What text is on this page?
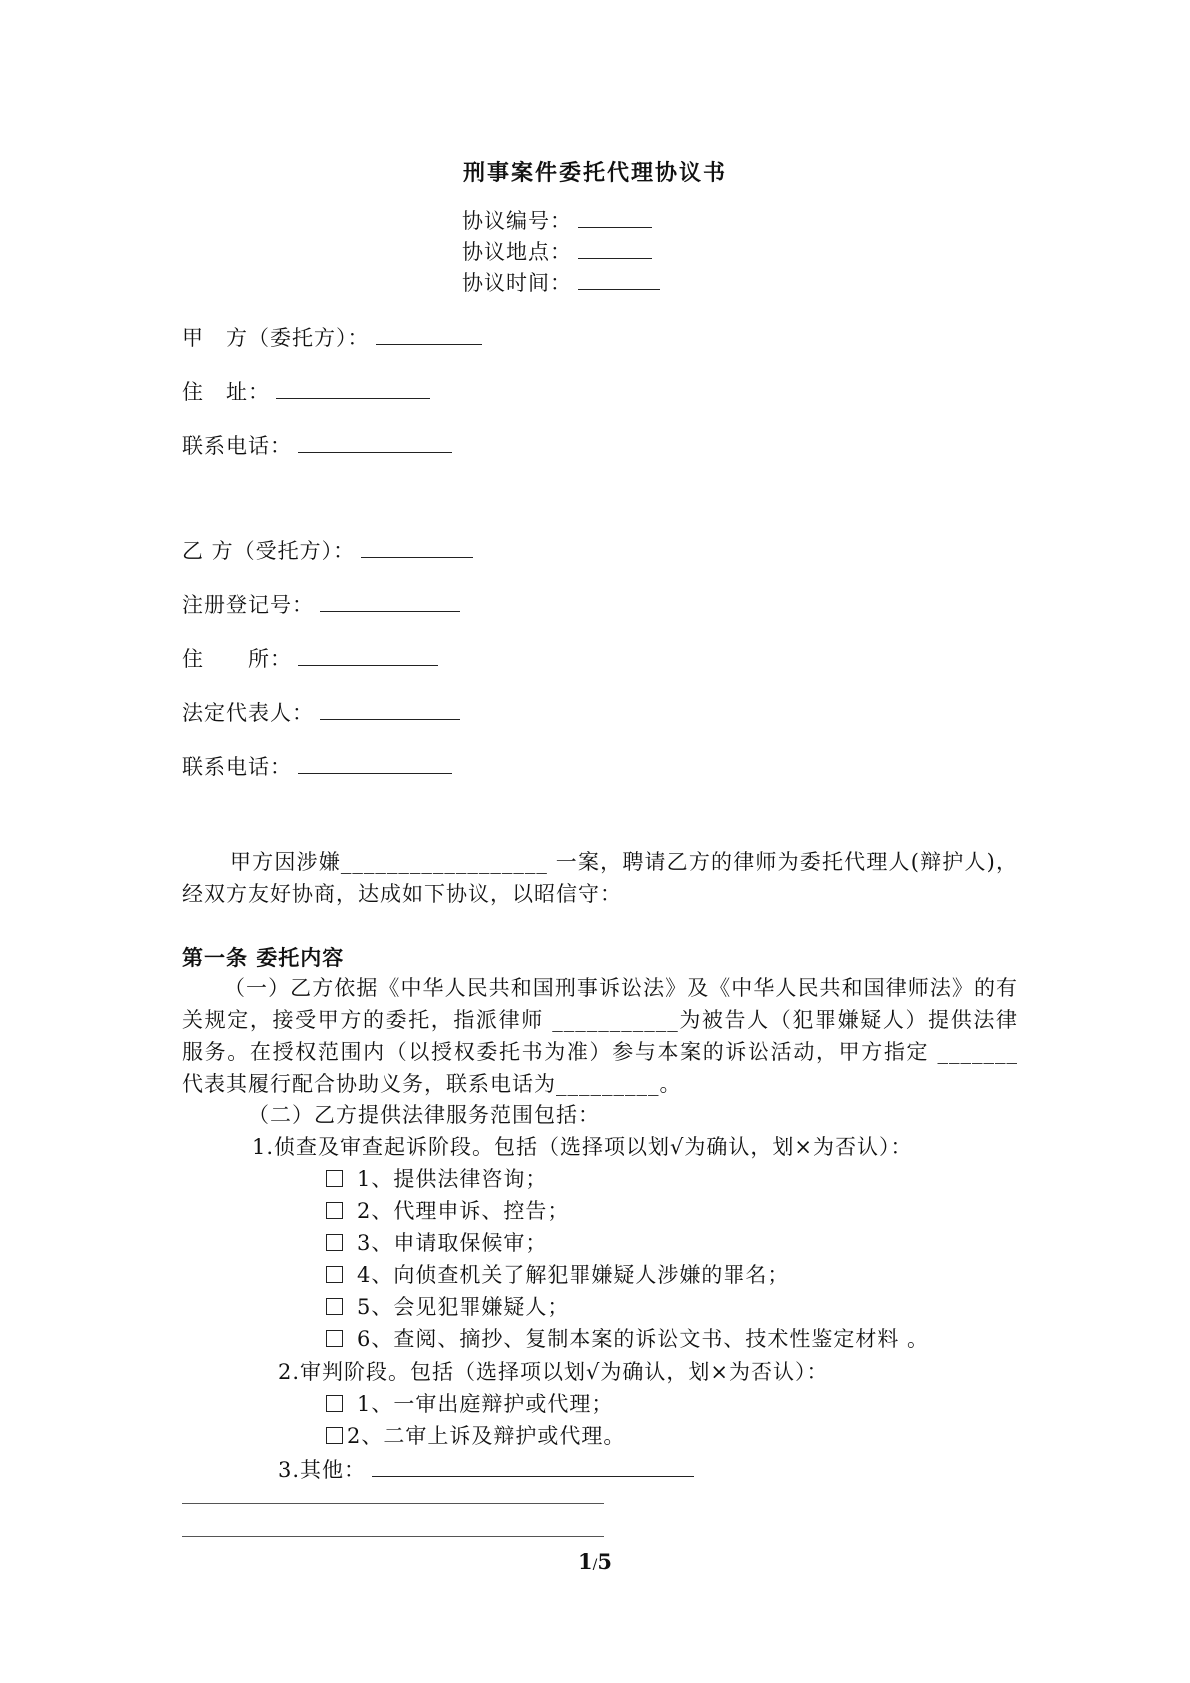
刑事案件委托代理协议书
协议编号：
协议地点：
协议时间：
甲　方（委托方）：
住　址：
联系电话：
乙 方（受托方）：
注册登记号：
住　　所：
法定代表人：
联系电话：
甲方因涉嫌__________________ 一案，聘请乙方的律师为委托代理人(辩护人)，经双方友好协商，达成如下协议，以昭信守：
第一条 委托内容
（一）乙方依据《中华人民共和国刑事诉讼法》及《中华人民共和国律师法》的有关规定，接受甲方的委托，指派律师 ___________为被告人（犯罪嫌疑人）提供法律服务。在授权范围内（以授权委托书为准）参与本案的诉讼活动，甲方指定 _______代表其履行配合协助义务，联系电话为_________。
（二）乙方提供法律服务范围包括：
1.侦查及审查起诉阶段。包括（选择项以划√为确认，划×为否认）：
1、提供法律咨询；
2、代理申诉、控告；
3、申请取保候审；
4、向侦查机关了解犯罪嫌疑人涉嫌的罪名；
5、会见犯罪嫌疑人；
6、查阅、摘抄、复制本案的诉讼文书、技术性鉴定材料 。
2.审判阶段。包括（选择项以划√为确认，划×为否认）：
1、一审出庭辩护或代理；
2、二审上诉及辩护或代理。
3.其他：
1/5
